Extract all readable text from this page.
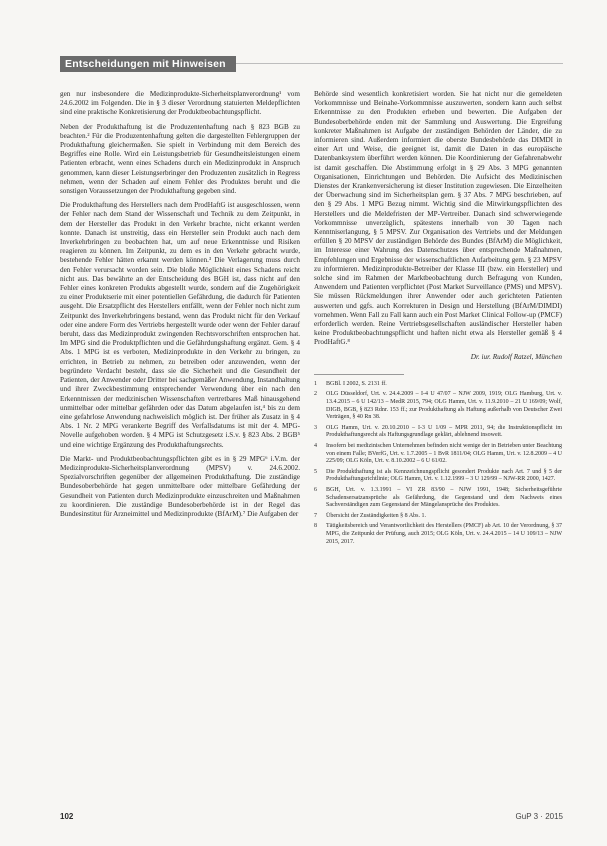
Entscheidungen mit Hinweisen

gen nur insbesondere die Medizinprodukte-Sicherheitsplanverordnung¹ vom 24.6.2002 im Folgenden. Die in § 3 dieser Verordnung statuierten Meldepflichten sind eine praktische Konkretisierung der Produktbeobachtungspflicht.

Neben der Produkthaftung ist die Produzentenhaftung nach § 823 BGB zu beachten.² Für die Produzentenhaftung gelten die dargestellten Fehlergruppen der Produkthaftung gleichermaßen. Sie spielt in Verbindung mit dem Bereich des Begriffes eine Rolle. Wird ein Leistungsbetrieb für Gesundheitsleistungen einem Patienten erbracht, wenn eines Schadens durch ein Medizinprodukt in Anspruch genommen, kann dieser Leistungserbringer den Produzenten zusätzlich in Regress nehmen, wenn der Schaden auf einem Fehler des Produktes beruht und die sonstigen Voraussetzungen der Produkthaftung gegeben sind.

Die Produkthaftung des Herstellers nach dem ProdHaftG ist ausgeschlossen, wenn der Fehler nach dem Stand der Wissenschaft und Technik zu dem Zeitpunkt, in dem der Hersteller das Produkt in den Verkehr brachte, nicht erkannt werden konnte. Danach ist unstreitig, dass ein Hersteller sein Produkt auch nach dem Inverkehrbringen zu beobachten hat, um auf neue Erkenntnisse und Risiken reagieren zu können. Im Zeitpunkt, zu dem es in den Verkehr gebracht wurde, bestehende Fehler hätten erkannt werden können.³ Die Verlagerung muss durch den Fehler verursacht worden sein. Die bloße Möglichkeit eines Schadens reicht nicht aus. Das bewährte an der Entscheidung des BGH ist, dass nicht auf den Fehler eines konkreten Produkts abgestellt wurde, sondern auf die Zugehörigkeit zu einer Produktserie mit einer potentiellen Gefährdung, die dadurch für Patienten ausgeht. Die Ersatzpflicht des Herstellers entfällt, wenn der Fehler noch nicht zum Zeitpunkt des Inverkehrbringens bestand, wenn das Produkt nicht für den Verkauf oder eine andere Form des Vertriebs hergestellt wurde oder wenn der Fehler darauf beruht, dass das Medizinprodukt zwingenden Rechtsvorschriften entsprochen hat. Im MPG sind die Produktpflichten und die Gefährdungshaftung ergänzt. Gem. § 4 Abs. 1 MPG ist es verboten, Medizinprodukte in den Verkehr zu bringen, zu errichten, in Betrieb zu nehmen, zu betreiben oder anzuwenden, wenn der begründete Verdacht besteht, dass sie die Sicherheit und die Gesundheit der Patienten, der Anwender oder Dritter bei sachgemäßer Anwendung, Instandhaltung und ihrer Zweckbestimmung entsprechender Verwendung über ein nach den Erkenntnissen der medizinischen Wissenschaften vertretbares Maß hinausgehend unmittelbar oder mittelbar gefährden oder das Datum abgelaufen ist,⁴ bis zu dem eine gefahrlose Anwendung nachweislich möglich ist. Der früher als Zusatz in § 4 Abs. 1 Nr. 2 MPG verankerte Begriff des Verfallsdatums ist mit der 4. MPG-Novelle aufgehoben worden. § 4 MPG ist Schutzgesetz i.S.v. § 823 Abs. 2 BGB⁵ und eine wichtige Ergänzung des Produkthaftungsrechts.

Die Markt- und Produktbeobachtungspflichten gibt es in § 29 MPG⁶ i.V.m. der Medizinprodukte-Sicherheitsplanverordnung (MPSV) v. 24.6.2002. Spezialvorschriften gegenüber der allgemeinen Produkthaftung. Die zuständige Bundesoberbehörde hat gegen unmittelbare oder mittelbare Gefährdung der Gesundheit von Patienten durch Medizinprodukte einzuschreiten und Maßnahmen zu koordinieren. Die zuständige Bundesoberbehörde ist in der Regel das Bundesinstitut für Arzneimittel und Medizinprodukte (BfArM).⁷ Die Aufgaben der

Behörde sind wesentlich konkretisiert worden. Sie hat nicht nur die gemeldeten Vorkommnisse und Beinahe-Vorkommnisse auszuwerten, sondern kann auch selbst Erkenntnisse zu den Produkten erheben und bewerten. Die Aufgaben der Bundesoberbehörde enden mit der Sammlung und Auswertung. Die Ergreifung konkreter Maßnahmen ist Aufgabe der zuständigen Behörden der Länder, die zu informieren sind. Außerdem informiert die oberste Bundesbehörde das DIMDI in einer Art und Weise, die geeignet ist, damit die Daten in das europäische Datenbanksystem überführt werden können. Die Koordinierung der Gefahrenabwehr ist damit geschaffen. Die Abstimmung erfolgt in § 29 Abs. 3 MPG genannten Organisationen, Einrichtungen und Behörden. Die Aufsicht des Medizinischen Dienstes der Krankenversicherung ist dieser Institution zugewiesen. Die Einzelheiten der Überwachung sind im Sicherheitsplan gem. § 37 Abs. 7 MPG beschrieben, auf den § 29 Abs. 1 MPG Bezug nimmt. Wichtig sind die Mitwirkungspflichten des Herstellers und die Meldefristen der MP-Vertreiber. Danach sind schwerwiegende Vorkommnisse unverzüglich, spätestens innerhalb von 30 Tagen nach Kenntniserlangung, § 5 MPSV. Zur Organisation des Vertriebs und der Meldungen erfüllen § 20 MPSV der zuständigen Behörde des Bundes (BfArM) die Möglichkeit, im Interesse einer Wahrung des Datenschutzes über entsprechende Maßnahmen, Empfehlungen und Ergebnisse der wissenschaftlichen Aufarbeitung gem. § 23 MPSV zu informieren. Medizinprodukte-Betreiber der Klasse III (bzw. ein Hersteller) und solche sind im Rahmen der Marktbeobachtung durch Befragung von Kunden, Anwendern und Patienten verpflichtet (Post Market Surveillance (PMS) und MPSV). Sie müssen Rückmeldungen ihrer Anwender oder auch gerichteten Patienten auswerten und ggfs. auch Korrekturen in Design und Herstellung (BfArM/DIMDI) vornehmen. Wenn Fall zu Fall kann auch ein Post Market Clinical Follow-up (PMCF) erforderlich werden. Reine Vertriebsgesellschaften ausländischer Hersteller haben keine Produktbeobachtungspflicht und haften nicht etwa als Hersteller gemäß § 4 ProdHaftG.⁸

Dr. iur. Rudolf Ratzel, München
1	BGBl. I 2002, S. 2131 ff.
2	OLG Düsseldorf, Urt. v. 24.4.2009 – I-4 U 47/07 – NJW 2009, 1919; OLG Hamburg, Urt. v. 13.4.2015 – 6 U 142/13 – MedR 2015, 794; OLG Hamm, Urt. v. 11.9.2010 – 21 U 169/09; Wolf, DIGB, BGB, § 823 Rdnr. 153 ff.; zur Produkthaftung als Haftung außerhalb von Deutscher Zwei Verträgen, § 40 Rn 38.
3	OLG Hamm, Urt. v. 20.10.2010 – I-3 U 1/09 – MPR 2011, 94; die Instruktionspflicht im Produkthaftungsrecht als Haftungsgrundlage geklärt, ablehnend insoweit.
4	Insofern bei medizinischen Unternehmen befinden nicht wenige der in Betrieben unter Beachtung von einem Falle; BVerfG, Urt. v. 1.7.2005 – 1 BvR 1811/04; OLG Hamm, Urt. v. 12.8.2009 – 4 U 225/09; OLG Köln, Urt. v. 8.10.2002 – 6 U 61/02.
5	Die Produkthaftung ist als Kennzeichnungspflicht gesondert Produkte nach Art. 7 und § 5 der Produkthaftungsrichtlinie; OLG Hamm, Urt. v. 1.12.1999 – 3 U 129/99 – NJW-RR 2000, 1427.
6	BGH, Urt. v. 1.3.1991 – VI ZR 83/90 – NJW 1991, 1948; Sicherheitsgeführte Schadensersatzansprüche als Gefährdung, die Gegenstand und dem Nachweis eines Sachverständigen zum Gegenstand der Mängelansprüche des Produktes.
7	Übersicht der Zuständigkeiten § 8 Abs. 1.
8	Tätigkeitsbereich und Verantwortlichkeit des Herstellers (PMCF) ab Art. 10 der Verordnung, § 37 MPG, die Zeitpunkt der Prüfung, auch 2015; OLG Köln, Urt. v. 24.4.2015 – 14 U 109/13 – NJW 2015, 2017.
102	GuP 3 · 2015
